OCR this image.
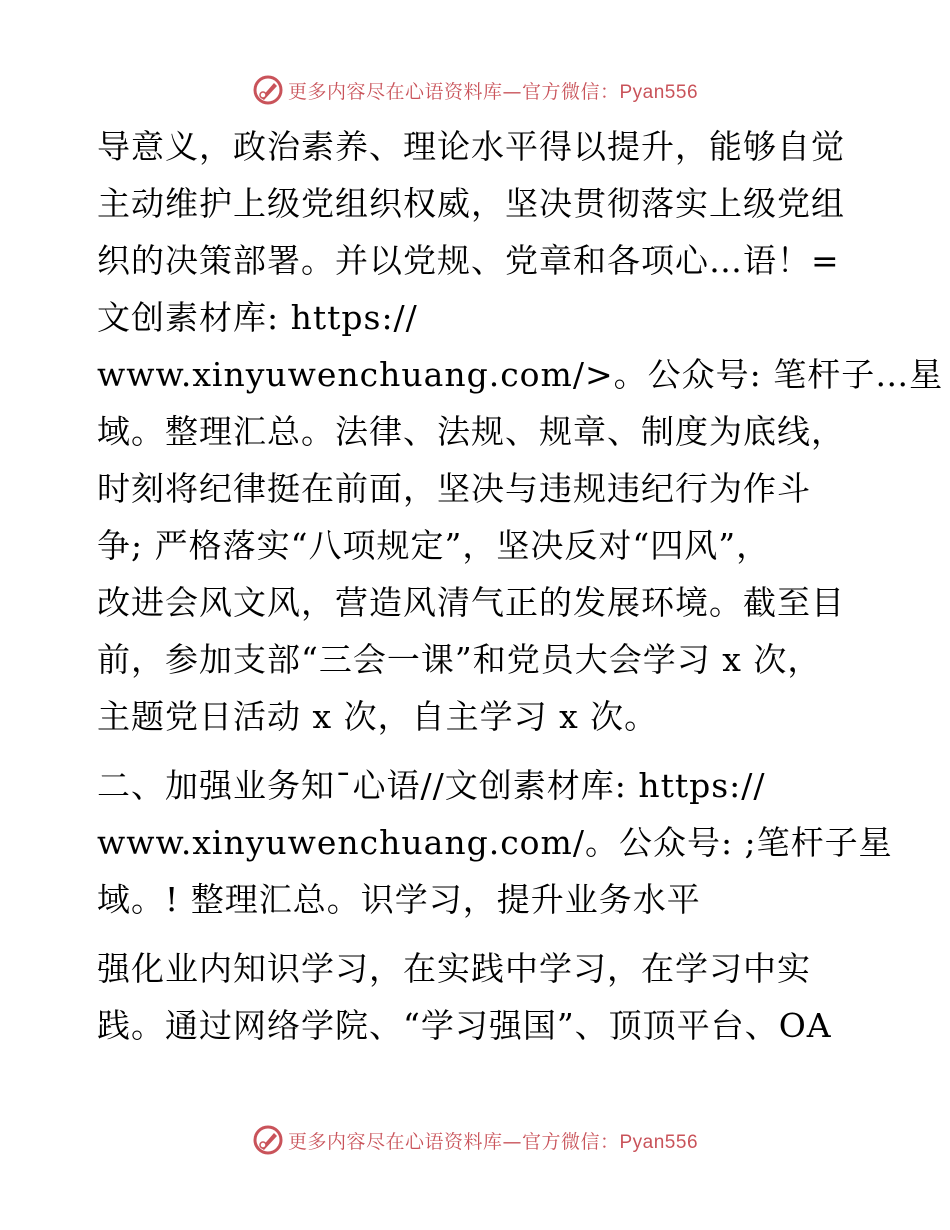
更多内容尽在心语资料库—官方微信：Pyan556
导意义，政治素养、理论水平得以提升，能够自觉
主动维护上级党组织权威，坚决贯彻落实上级党组
织的决策部署。并以党规、党章和各项心…语！=
文创素材库: https://
www.xinyuwenchuang.com/>。公众号: 笔杆子…星
域。整理汇总。法律、法规、规章、制度为底线，
时刻将纪律挺在前面，坚决与违规违纪行为作斗
争; 严格落实“八项规定”，坚决反对“四风”，
改进会风文风，营造风清气正的发展环境。截至目
前，参加支部“三会一课”和党员大会学习 x 次，
主题党日活动 x 次，自主学习 x 次。
二、加强业务知¯心语//文创素材库: https://
www.xinyuwenchuang.com/。公众号: ;笔杆子星
域。! 整理汇总。识学习，提升业务水平
强化业内知识学习，在实践中学习，在学习中实
践。通过网络学院、“学习强国”、顶顶平台、OA
更多内容尽在心语资料库—官方微信：Pyan556
